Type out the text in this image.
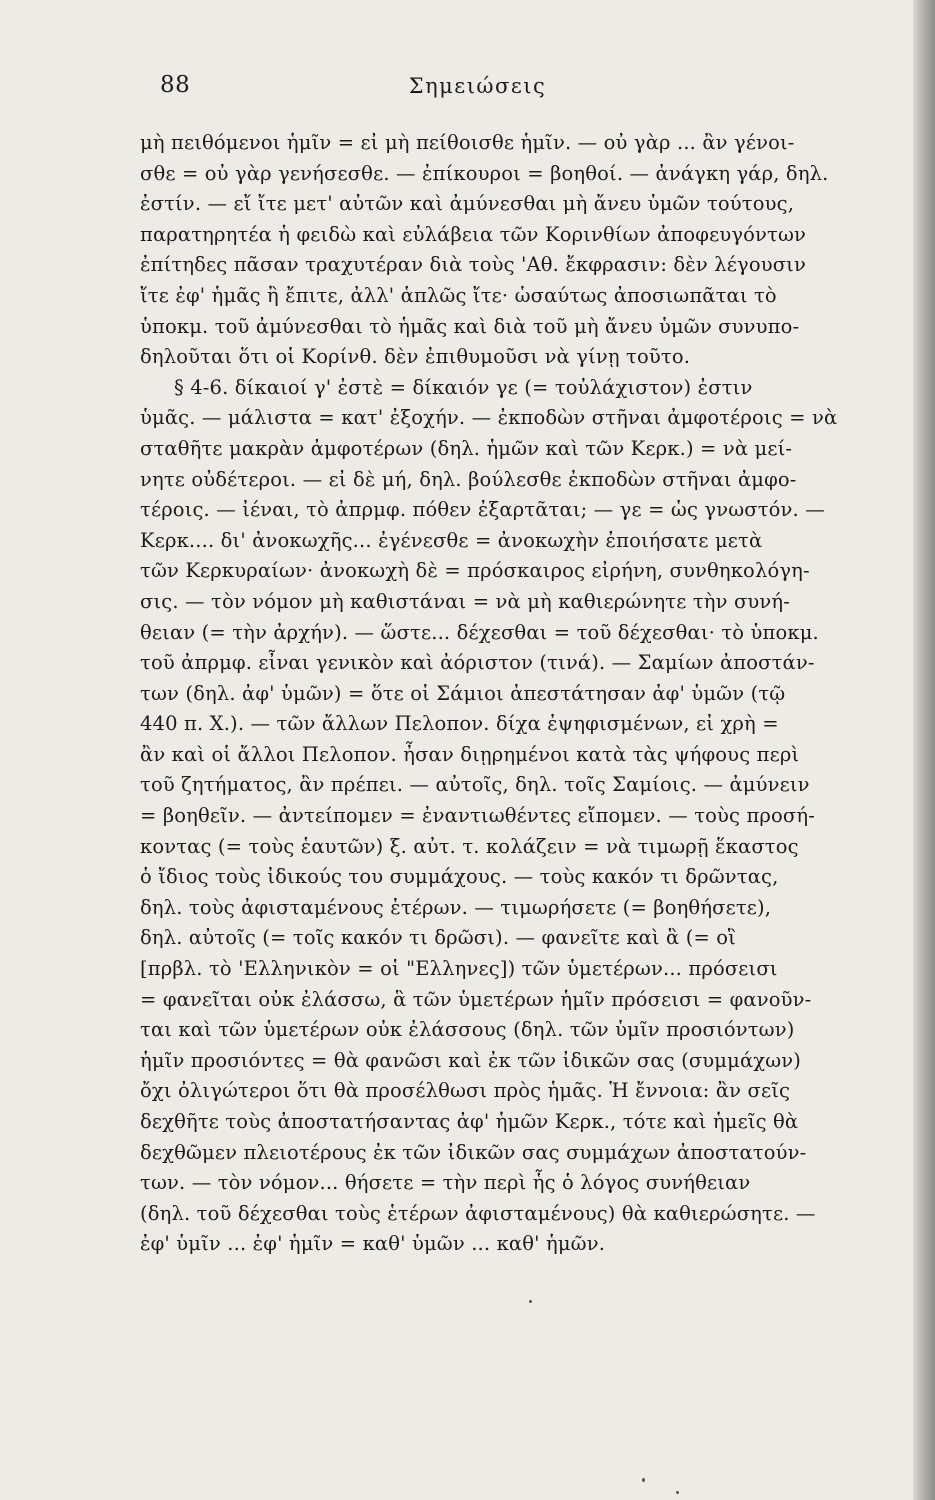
88	Σημειώσεις
μὴ πειθόμενοι ἡμῖν = εἰ μὴ πείθοισθε ἡμῖν. — οὐ γὰρ ... ἂν γένοι-
σθε = οὐ γὰρ γενήσεσθε. — ἐπίκουροι = βοηθοί. — ἀνάγκη γάρ, δηλ.
ἐστίν. — εἴ ἴτε μετ' αὐτῶν καὶ ἀμύνεσθαι μὴ ἄνευ ὑμῶν τούτους,
παρατηρητέα ἡ φειδὼ καὶ εὐλάβεια τῶν Κορινθίων ἀποφευγόντων
ἐπίτηδες πᾶσαν τραχυτέραν διὰ τοὺς 'Αθ. ἔκφρασιν: δὲν λέγουσιν
ἴτε ἐφ' ἡμᾶς ἢ ἔπιτε, ἀλλ' ἁπλῶς ἴτε· ὡσαύτως ἀποσιωπᾶται τὸ
ὑποκμ. τοῦ ἀμύνεσθαι τὸ ἡμᾶς καὶ διὰ τοῦ μὴ ἄνευ ὑμῶν συνυπο-
δηλοῦται ὅτι οἱ Κορίνθ. δὲν ἐπιθυμοῦσι νὰ γίνῃ τοῦτο.
§ 4-6. δίκαιοί γ' ἐστὲ = δίκαιόν γε (= τοὐλάχιστον) ἐστιν
ὑμᾶς. — μάλιστα = κατ' ἐξοχήν. — ἐκποδὼν στῆναι ἀμφοτέροις = νὰ
σταθῆτε μακρὰν ἀμφοτέρων (δηλ. ἡμῶν καὶ τῶν Κερκ.) = νὰ μεί-
νητε οὐδέτεροι. — εἰ δὲ μή, δηλ. βούλεσθε ἐκποδὼν στῆναι ἀμφο-
τέροις. — ἰέναι, τὸ ἀπρμφ. πόθεν ἐξαρτᾶται; — γε = ὡς γνωστόν. —
Κερκ.... δι' ἀνοκωχῆς... ἐγένεσθε = ἀνοκωχὴν ἐποιήσατε μετὰ
τῶν Κερκυραίων· ἀνοκωχὴ δὲ = πρόσκαιρος εἰρήνη, συνθηκολόγη-
σις. — τὸν νόμον μὴ καθιστάναι = νὰ μὴ καθιερώνητε τὴν συνή-
θειαν (= τὴν ἀρχήν). — ὥστε... δέχεσθαι = τοῦ δέχεσθαι· τὸ ὑποκμ.
τοῦ ἀπρμφ. εἶναι γενικὸν καὶ ἀόριστον (τινά). — Σαμίων ἀποστάν-
των (δηλ. ἀφ' ὑμῶν) = ὅτε οἱ Σάμιοι ἀπεστάτησαν ἀφ' ὑμῶν (τῷ
440 π. Χ.). — τῶν ἄλλων Πελοπον. δίχα ἐψηφισμένων, εἰ χρὴ =
ἂν καὶ οἱ ἄλλοι Πελοπον. ἦσαν διῃρημένοι κατὰ τὰς ψήφους περὶ
τοῦ ζητήματος, ἂν πρέπει. — αὐτοῖς, δηλ. τοῖς Σαμίοις. — ἀμύνειν
= βοηθεῖν. — ἀντείπομεν = ἐναντιωθέντες εἴπομεν. — τοὺς προσή-
κοντας (= τοὺς ἑαυτῶν) ξ. αὐτ. τ. κολάζειν = νὰ τιμωρῇ ἕκαστος
ὁ ἴδιος τοὺς ἰδικούς του συμμάχους. — τοὺς κακόν τι δρῶντας,
δηλ. τοὺς ἀφισταμένους ἑτέρων. — τιμωρήσετε (= βοηθήσετε),
δηλ. αὐτοῖς (= τοῖς κακόν τι δρῶσι). — φανεῖτε καὶ ἃ (= οἳ
[πρβλ. τὸ 'Ελληνικὸν = οἱ "Ελληνες]) τῶν ὑμετέρων... πρόσεισι
= φανεῖται οὐκ ἐλάσσω, ἃ τῶν ὑμετέρων ἡμῖν πρόσεισι = φανοῦν-
ται καὶ τῶν ὑμετέρων οὐκ ἐλάσσους (δηλ. τῶν ὑμῖν προσιόντων)
ἡμῖν προσιόντες = θὰ φανῶσι καὶ ἐκ τῶν ἰδικῶν σας (συμμάχων)
ὄχι ὀλιγώτεροι ὅτι θὰ προσέλθωσι πρὸς ἡμᾶς. Ἡ ἔννοια: ἂν σεῖς
δεχθῆτε τοὺς ἀποστατήσαντας ἀφ' ἡμῶν Κερκ., τότε καὶ ἡμεῖς θὰ
δεχθῶμεν πλειοτέρους ἐκ τῶν ἰδικῶν σας συμμάχων ἀποστατούν-
των. — τὸν νόμον... θήσετε = τὴν περὶ ἧς ὁ λόγος συνήθειαν
(δηλ. τοῦ δέχεσθαι τοὺς ἑτέρων ἀφισταμένους) θὰ καθιερώσητε. —
ἐφ' ὑμῖν ... ἐφ' ἡμῖν = καθ' ὑμῶν ... καθ' ἡμῶν.
